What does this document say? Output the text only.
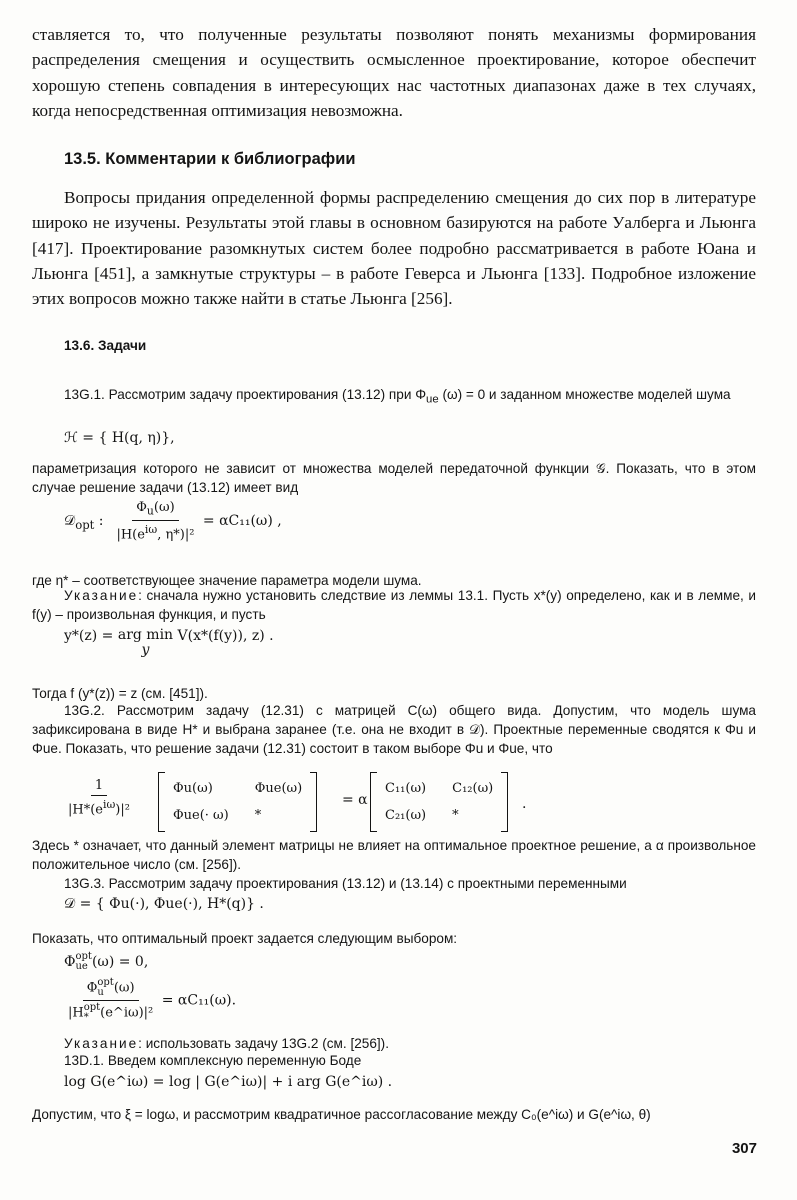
ставляется то, что полученные результаты позволяют понять механизмы формирования распределения смещения и осуществить осмысленное проектирование, которое обеспечит хорошую степень совпадения в интересующих нас частотных диапазонах даже в тех случаях, когда непосредственная оптимизация невозможна.

13.5. Комментарии к библиографии

Вопросы придания определенной формы распределению смещения до сих пор в литературе широко не изучены. Результаты этой главы в основном базируются на работе Уалберга и Льюнга [417]. Проектирование разомкнутых систем более подробно рассматривается в работе Юана и Льюнга [451], а замкнутые структуры – в работе Геверса и Льюнга [133]. Подробное изложение этих вопросов можно также найти в статье Льюнга [256].

13.6. Задачи

13G.1. Рассмотрим задачу проектирования (13.12) при $\Phi_{ue}$ (ω) = 0 и заданном множестве моделей шума

ℋ = { H(q, η)},

параметризация которого не зависит от множества моделей передаточной функции 𝒢. Показать, что в этом случае решение задачи (13.12) имеет вид

𝒟$_{opt}$ : $\frac{\Phi_u(\omega)}{|H(e^{i\omega}, \eta*)|^2} = \alpha C_{11}(\omega)$ ,

где η* – соответствующее значение параметра модели шума.

Указание: сначала нужно установить следствие из леммы 13.1. Пусть x*(y) определено, как и в лемме, и f(y) – произвольная функция, и пусть

y*(z) = arg min
y V(x*(f(y)), z) .

Тогда f (y*(z)) = z (см. [451]).

13G.2. Рассмотрим задачу (12.31) с матрицей C(ω) общего вида. Допустим, что модель шума зафиксирована в виде H* и выбрана заранее (т.е. она не входит в 𝒟). Проектные переменные сводятся к Φu и Φue. Показать, что решение задачи (12.31) состоит в таком выборе Φu и Φue, что

$\frac{1}{|H*(e^{i\omega})|^2}$	Φu(ω)	Φue(ω)
Φue(· ω) *
= α
C₁₁(ω) C₁₂(ω)
C₂₁(ω) *
.

Здесь * означает, что данный элемент матрицы не влияет на оптимальное проектное решение, а α произвольное положительное число (см. [256]).

13G.3. Рассмотрим задачу проектирования (13.12) и (13.14) с проектными переменными

𝒟 = { Φu(·), Φue(·), H*(q)} .

Показать, что оптимальный проект задается следующим выбором:

Φ opt
ue (ω) = 0,
Φ opt
u (ω)
|H opt
* (e^iω)|² = αC₁₁(ω).

Указание: использовать задачу 13G.2 (см. [256]).

13D.1. Введем комплексную переменную Боде

log G(e^iω) = log | G(e^iω)| + i arg G(e^iω) .

Допустим, что ξ = logω, и рассмотрим квадратичное рассогласование между C₀(e^iω) и G(e^iω, θ)

307
